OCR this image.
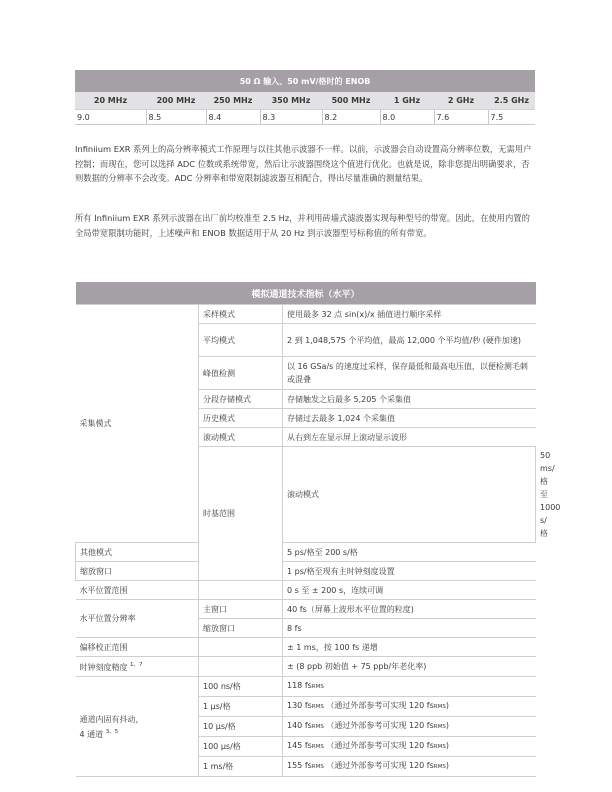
50 Ω 输入、50 mV/格时的 ENOB							
20 MHz	200 MHz	250 MHz	350 MHz	500 MHz	1 GHz	2 GHz	2.5 GHz
9.0	8.5	8.4	8.3	8.2	8.0	7.6	7.5

Infiniium EXR 系列上的高分辨率模式工作原理与以往其他示波器不一样。以前，示波器会自动设置高分辨率位数，无需用户控制；而现在，您可以选择 ADC 位数或系统带宽，然后让示波器围绕这个值进行优化。也就是说，除非您提出明确要求，否则数据的分辨率不会改变。ADC 分辨率和带宽限制滤波器互相配合，得出尽量准确的测量结果。

所有 Infiniium EXR 系列示波器在出厂前均校准至 2.5 Hz，并利用砖墙式滤波器实现每种型号的带宽。因此，在使用内置的全局带宽限制功能时，上述噪声和 ENOB 数据适用于从 20 Hz 到示波器型号标称值的所有带宽。

模拟通道技术指标（水平）			
采集模式	采样模式	使用最多 32 点 sin(x)/x 插值进行顺序采样	
	平均模式	2 到 1,048,575 个平均值，最高 12,000 个平均值/秒 (硬件加速)	
	峰值检测	以 16 GSa/s 的速度过采样，保存最低和最高电压值，以便检测毛刺或混叠	
	分段存储模式	存储触发之后最多 5,205 个采集值	
	历史模式	存储过去最多 1,024 个采集值	
	滚动模式	从右到左在显示屏上滚动显示波形	
	时基范围	滚动模式	50 ms/格至 1000 s/格
其他模式		5 ps/格至 200 s/格	
缩放窗口		1 ps/格至现有主时钟刻度设置	
水平位置范围		0 s 至 ± 200 s，连续可调	
水平位置分辨率	主窗口	40 fs（屏幕上波形水平位置的粒度)	
	缩放窗口	8 fs	
偏移校正范围		± 1 ms，按 100 fs 递增	
时钟刻度精度 $^{1、7}$		± (8 ppb 初始值 + 75 ppb/年老化率)	
通道内固有抖动，
4 通道 $^{3、5}$	100 ns/格	118 fsRMS	
	1 µs/格	130 fsRMS （通过外部参考可实现 120 fsRMS)	
	10 µs/格	140 fsRMS （通过外部参考可实现 120 fsRMS)	
	100 µs/格	145 fsRMS （通过外部参考可实现 120 fsRMS)	
	1 ms/格	155 fsRMS （通过外部参考可实现 120 fsRMS)	
